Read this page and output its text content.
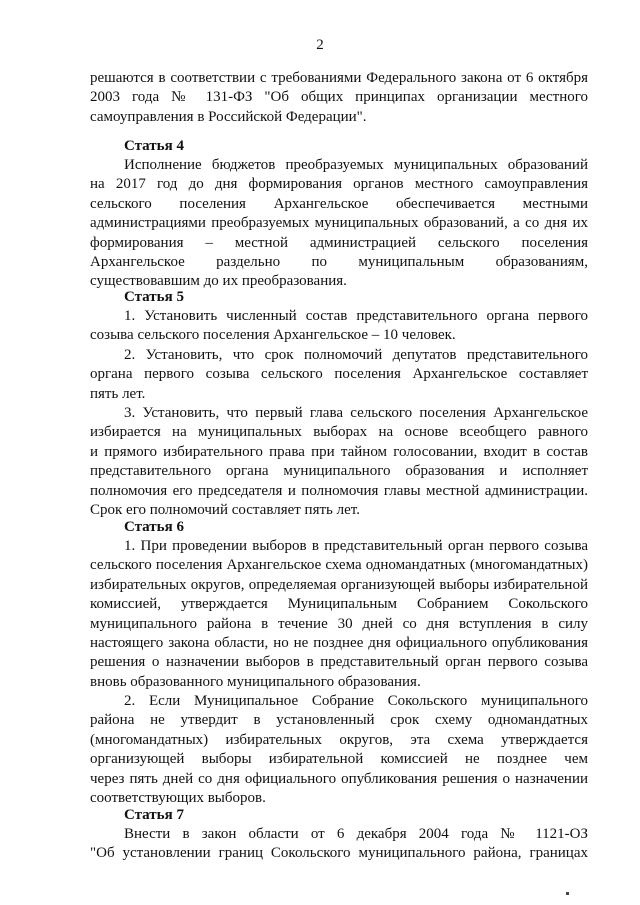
2
решаются в соответствии с требованиями Федерального закона от 6 октября
2003 года № 131-ФЗ "Об общих принципах организации местного
самоуправления в Российской Федерации".
Статья 4
Исполнение бюджетов преобразуемых муниципальных образований
на 2017 год до дня формирования органов местного самоуправления
сельского поселения Архангельское обеспечивается местными
администрациями преобразуемых муниципальных образований, а со дня их
формирования – местной администрацией сельского поселения
Архангельское раздельно по муниципальным образованиям,
существовавшим до их преобразования.
Статья 5
1. Установить численный состав представительного органа первого
созыва сельского поселения Архангельское – 10 человек.
2. Установить, что срок полномочий депутатов представительного
органа первого созыва сельского поселения Архангельское составляет
пять лет.
3. Установить, что первый глава сельского поселения Архангельское
избирается на муниципальных выборах на основе всеобщего равного
и прямого избирательного права при тайном голосовании, входит в состав
представительного органа муниципального образования и исполняет
полномочия его председателя и полномочия главы местной администрации.
Срок его полномочий составляет пять лет.
Статья 6
1. При проведении выборов в представительный орган первого созыва
сельского поселения Архангельское схема одномандатных (многомандатных)
избирательных округов, определяемая организующей выборы избирательной
комиссией, утверждается Муниципальным Собранием Сокольского
муниципального района в течение 30 дней со дня вступления в силу
настоящего закона области, но не позднее дня официального опубликования
решения о назначении выборов в представительный орган первого созыва
вновь образованного муниципального образования.
2. Если Муниципальное Собрание Сокольского муниципального
района не утвердит в установленный срок схему одномандатных
(многомандатных) избирательных округов, эта схема утверждается
организующей выборы избирательной комиссией не позднее чем
через пять дней со дня официального опубликования решения о назначении
соответствующих выборов.
Статья 7
Внести в закон области от 6 декабря 2004 года № 1121-ОЗ
"Об установлении границ Сокольского муниципального района, границах
